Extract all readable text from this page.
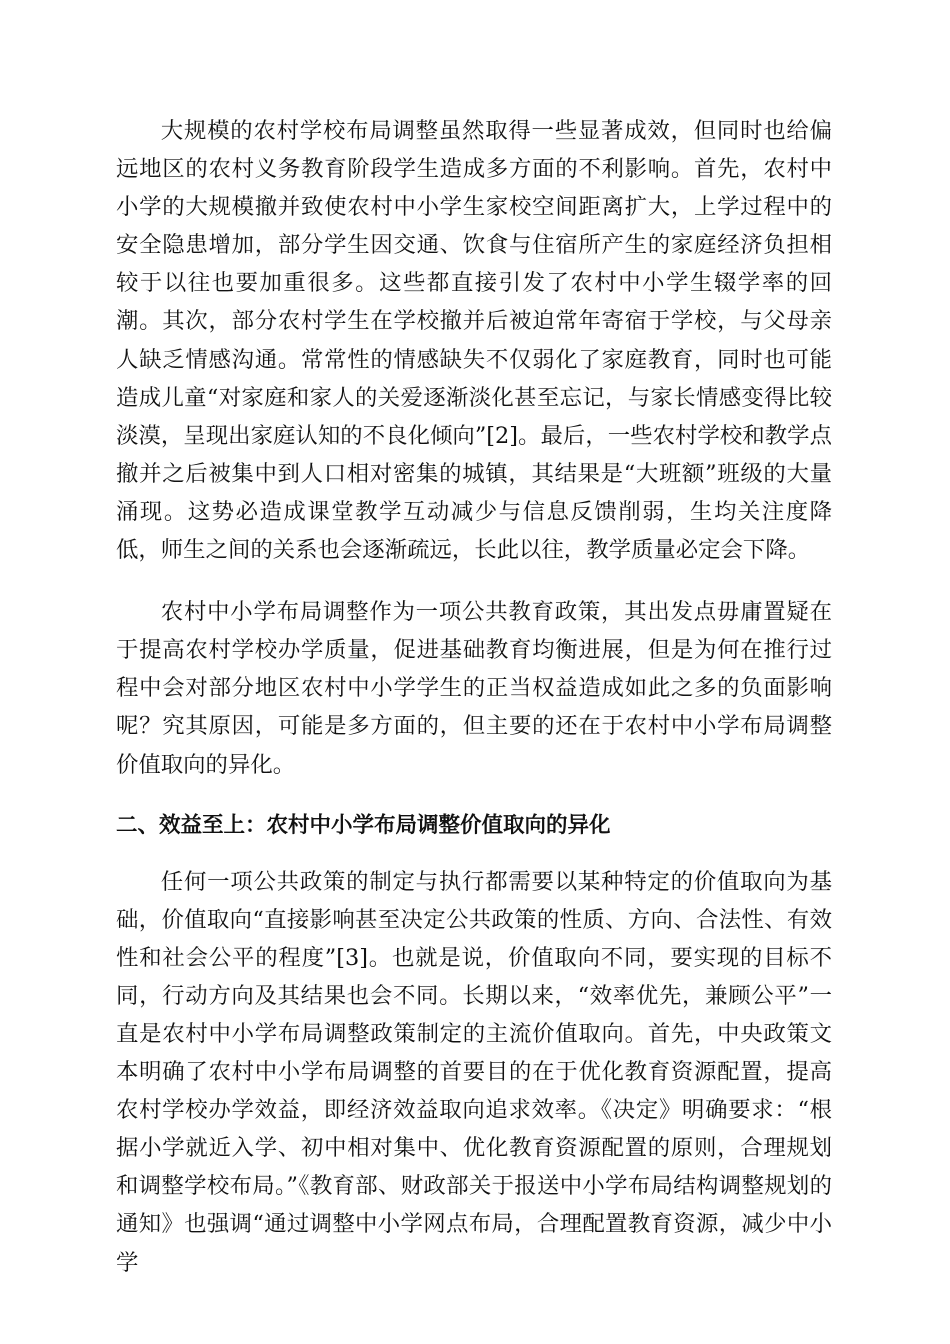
大规模的农村学校布局调整虽然取得一些显著成效，但同时也给偏远地区的农村义务教育阶段学生造成多方面的不利影响。首先，农村中小学的大规模撤并致使农村中小学生家校空间距离扩大，上学过程中的安全隐患增加，部分学生因交通、饮食与住宿所产生的家庭经济负担相较于以往也要加重很多。这些都直接引发了农村中小学生辍学率的回潮。其次，部分农村学生在学校撤并后被迫常年寄宿于学校，与父母亲人缺乏情感沟通。常常性的情感缺失不仅弱化了家庭教育，同时也可能造成儿童“对家庭和家人的关爱逐渐淡化甚至忘记，与家长情感变得比较淡漠，呈现出家庭认知的不良化倾向”[2]。最后，一些农村学校和教学点撤并之后被集中到人口相对密集的城镇，其结果是“大班额”班级的大量涌现。这势必造成课堂教学互动减少与信息反馈削弱，生均关注度降低，师生之间的关系也会逐渐疏远，长此以往，教学质量必定会下降。

农村中小学布局调整作为一项公共教育政策，其出发点毋庸置疑在于提高农村学校办学质量，促进基础教育均衡进展，但是为何在推行过程中会对部分地区农村中小学学生的正当权益造成如此之多的负面影响呢？究其原因，可能是多方面的，但主要的还在于农村中小学布局调整价值取向的异化。

二、效益至上：农村中小学布局调整价值取向的异化

任何一项公共政策的制定与执行都需要以某种特定的价值取向为基础，价值取向“直接影响甚至决定公共政策的性质、方向、合法性、有效性和社会公平的程度”[3]。也就是说，价值取向不同，要实现的目标不同，行动方向及其结果也会不同。长期以来，“效率优先，兼顾公平”一直是农村中小学布局调整政策制定的主流价值取向。首先，中央政策文本明确了农村中小学布局调整的首要目的在于优化教育资源配置，提高农村学校办学效益，即经济效益取向追求效率。《决定》明确要求：“根据小学就近入学、初中相对集中、优化教育资源配置的原则，合理规划和调整学校布局。”《教育部、财政部关于报送中小学布局结构调整规划的通知》也强调“通过调整中小学网点布局，合理配置教育资源，减少中小学
